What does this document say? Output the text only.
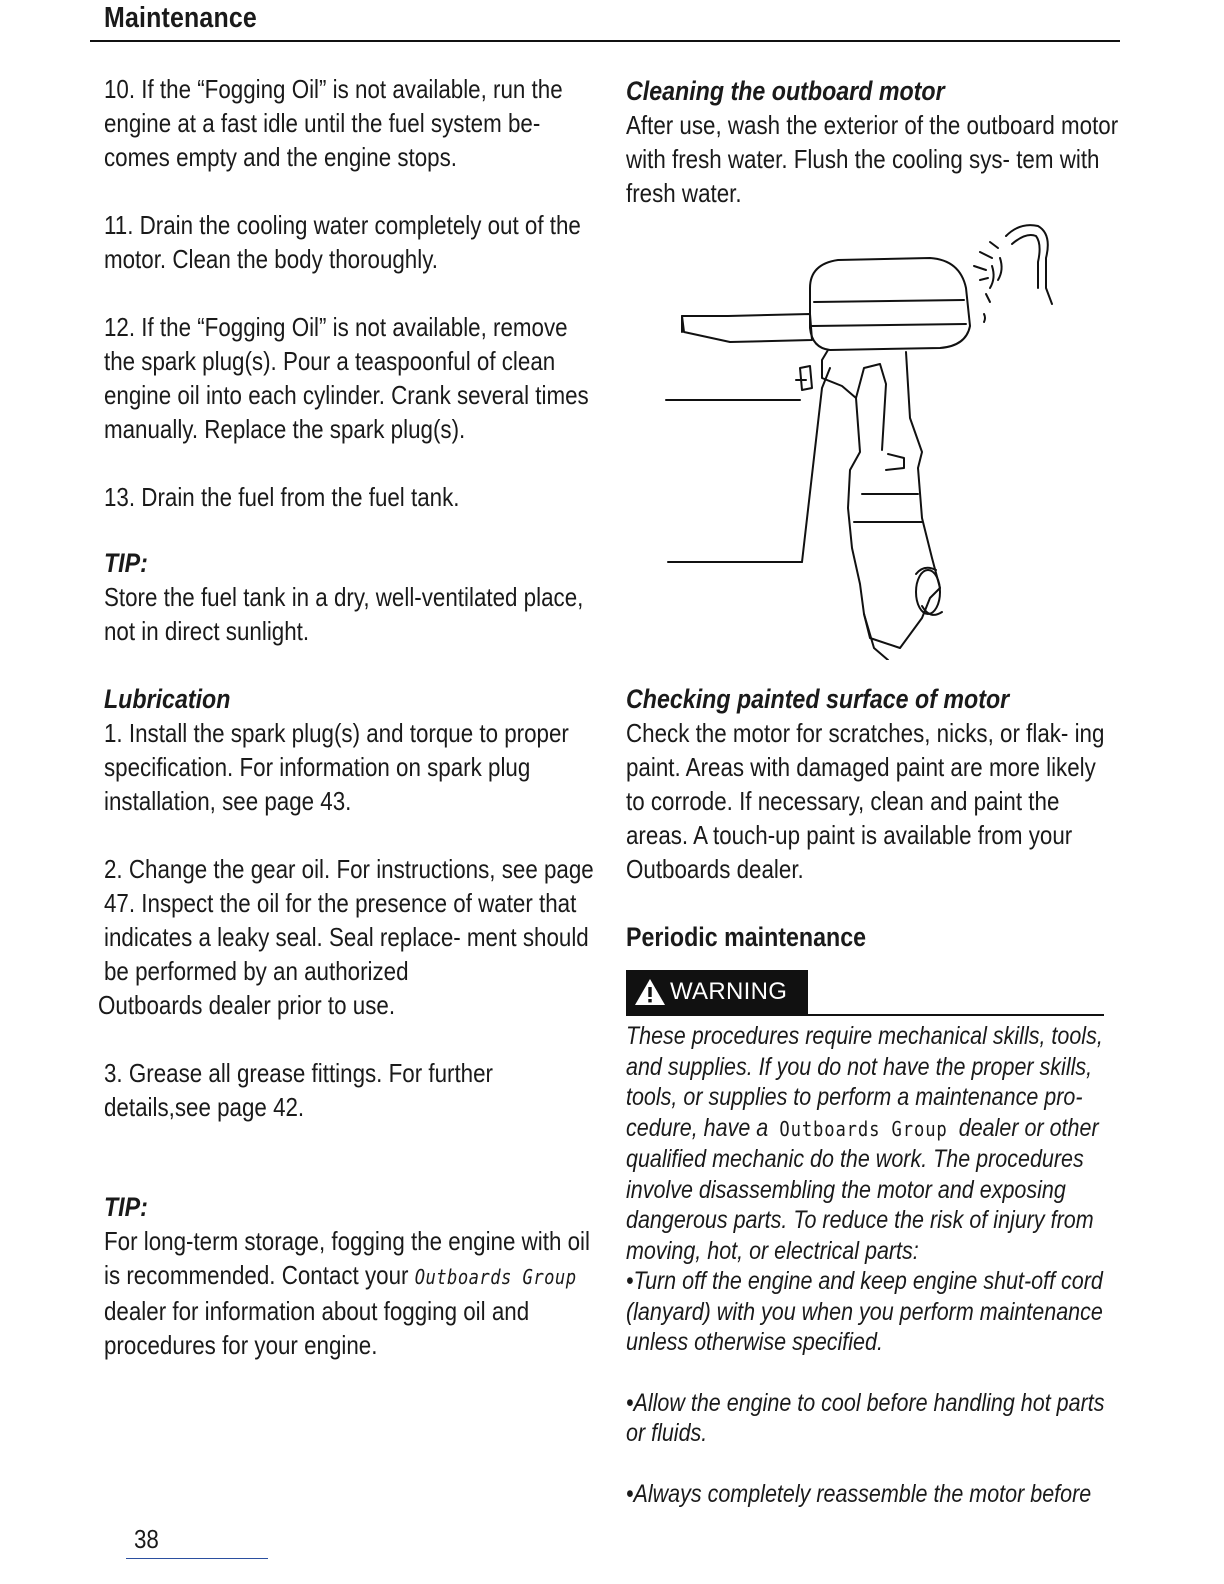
Maintenance

10. If the “Fogging Oil” is not available, run the engine at a fast idle until the fuel system be- comes empty and the engine stops.

11. Drain the cooling water completely out of the motor. Clean the body thoroughly.

12. If the “Fogging Oil” is not available, remove the spark plug(s). Pour a teaspoonful of clean engine oil into each cylinder. Crank several times manually. Replace the spark plug(s).

13. Drain the fuel from the fuel tank.

TIP:

Store the fuel tank in a dry, well-ventilated place, not in direct sunlight.

Lubrication

1. Install the spark plug(s) and torque to proper specification. For information on spark plug installation, see page 43.

2. Change the gear oil. For instructions, see page 47. Inspect the oil for the presence of water that indicates a leaky seal. Seal replace- ment should be performed by an authorized

Outboards dealer prior to use.

3. Grease all grease fittings. For further details,see page 42.

TIP:

For long-term storage, fogging the engine with oil is recommended. Contact your Outboards Group dealer for information about fogging oil and procedures for your engine.

Cleaning the outboard motor

After use, wash the exterior of the outboard motor with fresh water. Flush the cooling sys- tem with fresh water.

Checking painted surface of motor

Check the motor for scratches, nicks, or flak- ing paint. Areas with damaged paint are more likely to corrode. If necessary, clean and paint the areas. A touch-up paint is available from your Outboards dealer.

Periodic maintenance

WARNING

These procedures require mechanical skills, tools, and supplies. If you do not have the proper skills, tools, or supplies to perform a maintenance pro- cedure, have a Outboards Group dealer or other qualified mechanic do the work. The procedures involve disassembling the motor and exposing dangerous parts. To reduce the risk of injury from moving, hot, or electrical parts:

•Turn off the engine and keep engine shut-off cord (lanyard) with you when you perform maintenance unless otherwise specified.

•Allow the engine to cool before handling hot parts or fluids.

•Always completely reassemble the motor before

38
